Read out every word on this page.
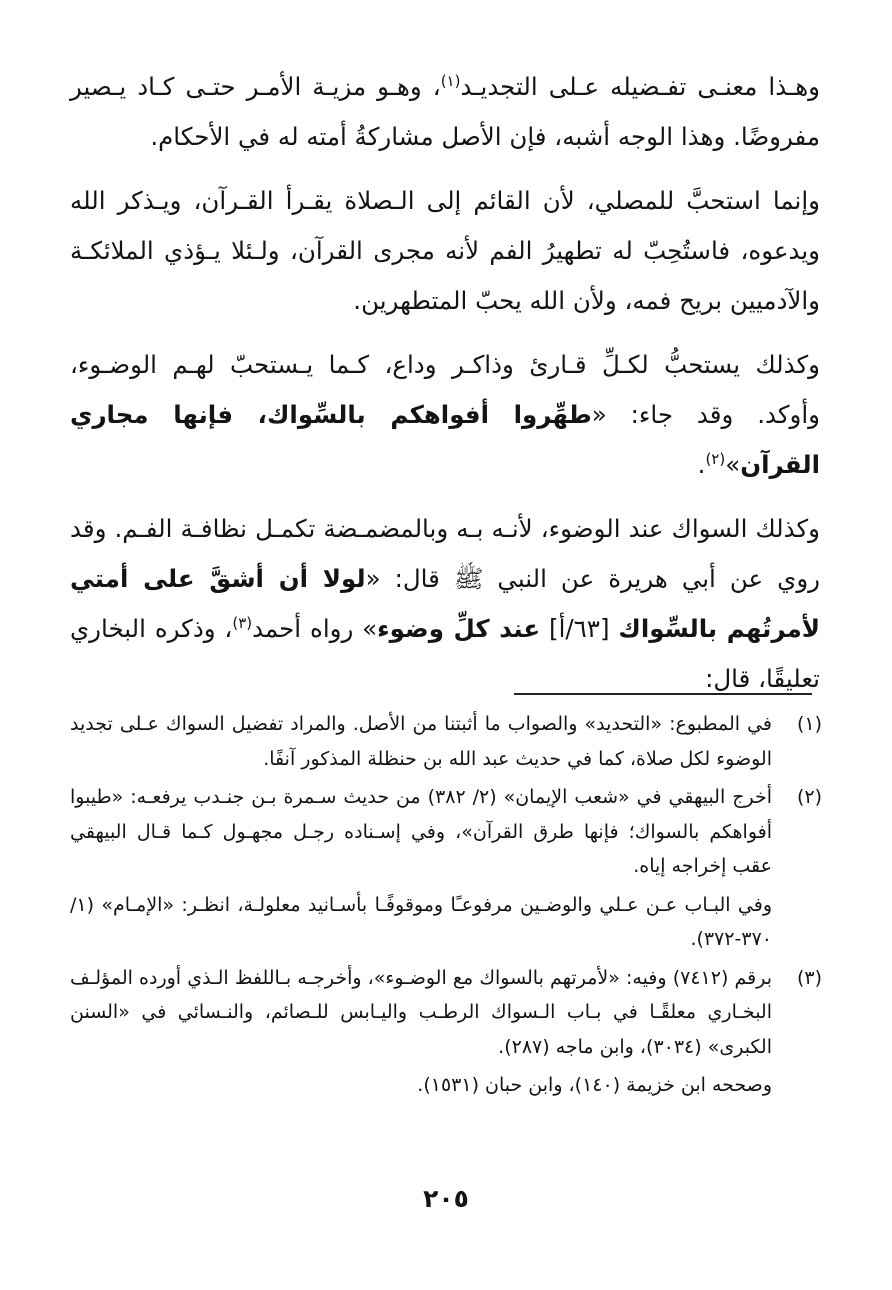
وهـذا معنـى تفـضيله عـلى التجديـد$^{(١)}$، وهـو مزيـة الأمـر حتـى كـاد يـصير مفروضًا. وهذا الوجه أشبه، فإن الأصل مشاركةُ أمته له في الأحكام.

وإنما استحبَّ للمصلي، لأن القائم إلى الـصلاة يقـرأ القـرآن، ويـذكر الله ويدعوه، فاستُحِبّ له تطهيرُ الفم لأنه مجرى القرآن، ولـئلا يـؤذي الملائكـة والآدميين بريح فمه، ولأن الله يحبّ المتطهرين.

وكذلك يستحبُّ لكـلِّ قـارئ وذاكـر وداع، كـما يـستحبّ لهـم الوضـوء، وأوكد. وقد جاء: «طهِّروا أفواهكم بالسِّواك، فإنها مجاري القرآن»$^{(٢)}$.

وكذلك السواك عند الوضوء، لأنـه بـه وبالمضمـضة تكمـل نظافـة الفـم. وقد روي عن أبي هريرة عن النبي ﷺ قال: «لولا أن أشقَّ على أمتي لأمرتُهم بالسِّواك [٦٣/أ] عند كلِّ وضوء» رواه أحمد$^{(٣)}$، وذكره البخاري تعليقًا، قال:

(١)
في المطبوع: «التحديد» والصواب ما أثبتنا من الأصل. والمراد تفضيل السواك عـلى تجديد الوضوء لكل صلاة، كما في حديث عبد الله بن حنظلة المذكور آنفًا.

(٢)
أخرج البيهقي في «شعب الإيمان» (٢/ ٣٨٢) من حديث سـمرة بـن جنـدب يرفعـه: «طيبوا أفواهكم بالسواك؛ فإنها طرق القرآن»، وفي إسـناده رجـل مجهـول كـما قـال البيهقي عقب إخراجه إياه.
وفي البـاب عـن عـلي والوضـين مرفوعـًا وموقوفًـا بأسـانيد معلولـة، انظـر: «الإمـام» (١/ ٣٧٠-٣٧٢).

(٣)
برقم (٧٤١٢) وفيه: «لأمرتهم بالسواك مع الوضـوء»، وأخرجـه بـاللفظ الـذي أورده المؤلـف البخـاري معلقًـا في بـاب الـسواك الرطـب واليـابس للـصائم، والنـسائي في «السنن الكبرى» (٣٠٣٤)، وابن ماجه (٢٨٧).
وصححه ابن خزيمة (١٤٠)، وابن حبان (١٥٣١).

٢٠٥
